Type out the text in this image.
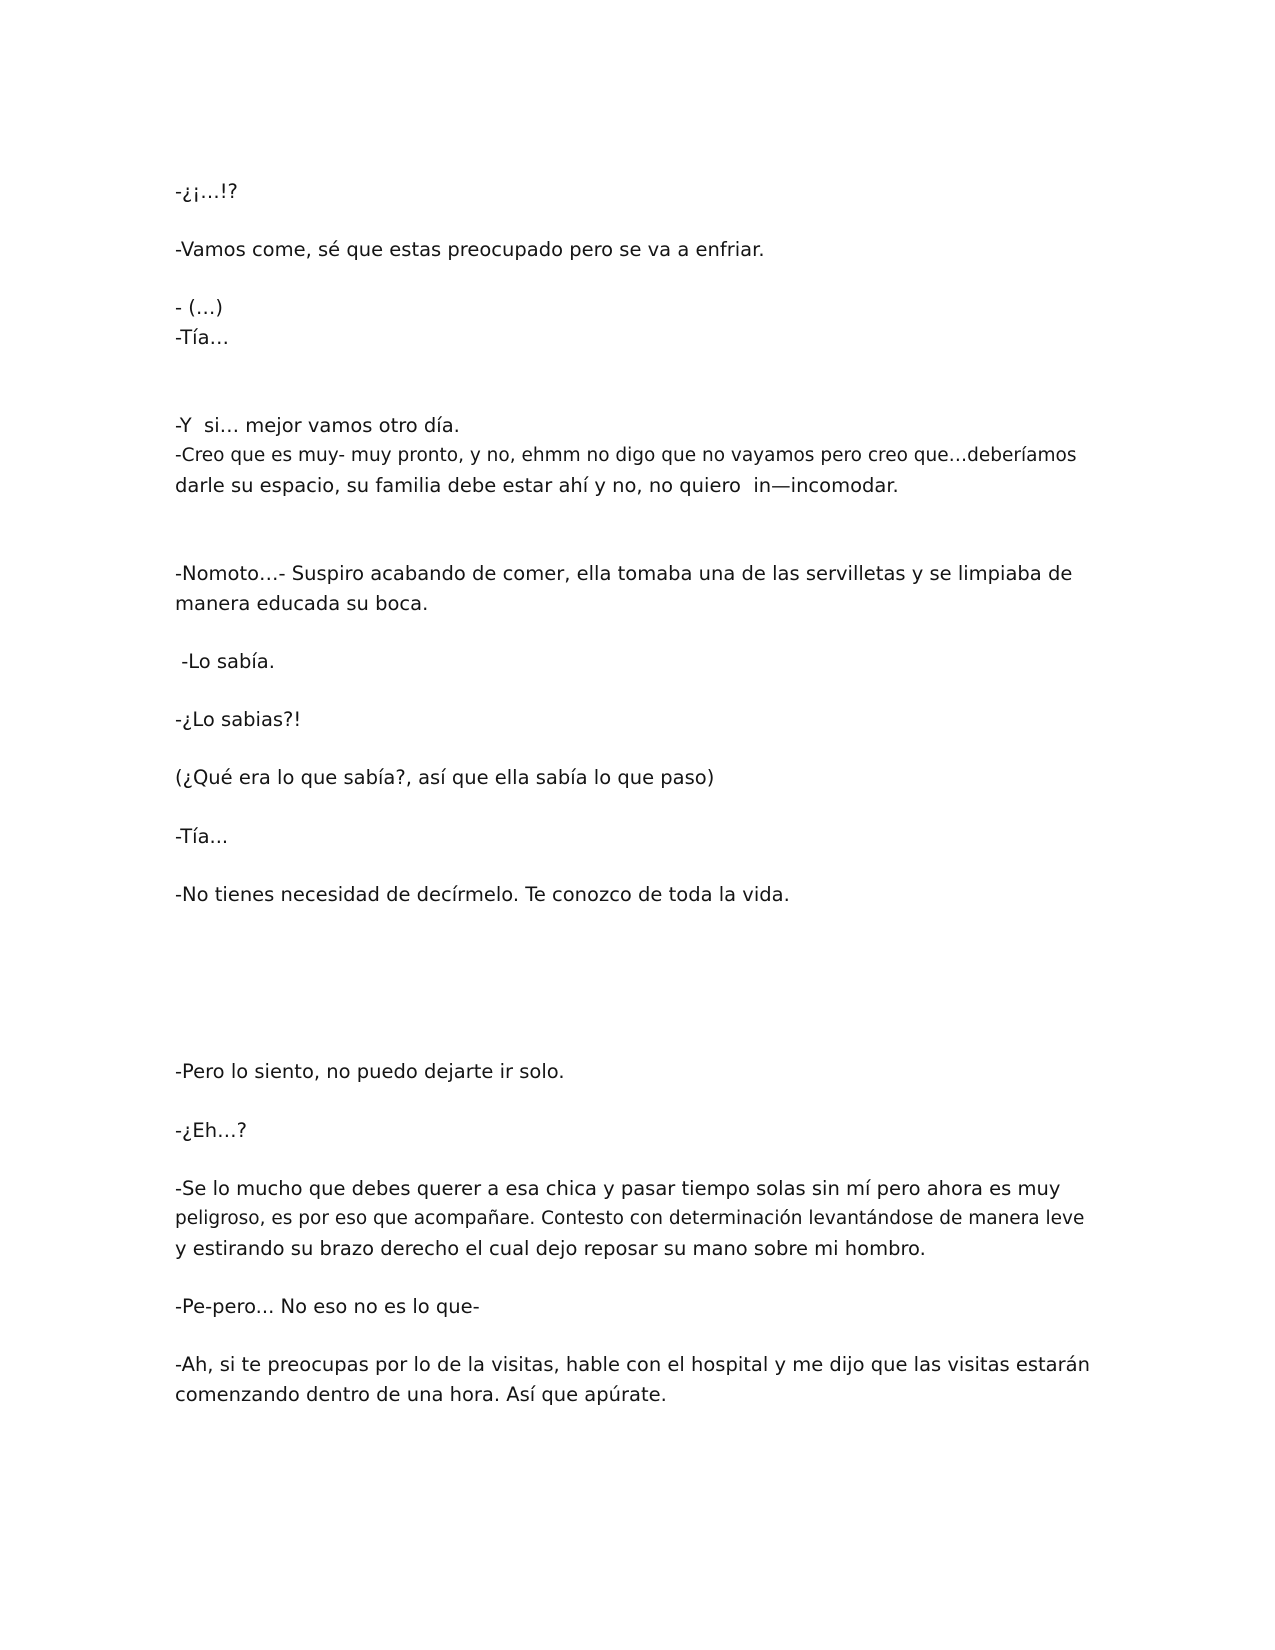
-¿¡…!?

-Vamos come, sé que estas preocupado pero se va a enfriar.

- (…)

-Tía…

-Y  si… mejor vamos otro día.

-Creo que es muy- muy pronto, y no, ehmm no digo que no vayamos pero creo que…deberíamos

darle su espacio, su familia debe estar ahí y no, no quiero  in—incomodar.

-Nomoto…- Suspiro acabando de comer, ella tomaba una de las servilletas y se limpiaba de

manera educada su boca.

-Lo sabía.

-¿Lo sabias?!

(¿Qué era lo que sabía?, así que ella sabía lo que paso)

-Tía...

-No tienes necesidad de decírmelo. Te conozco de toda la vida.

-Pero lo siento, no puedo dejarte ir solo.

-¿Eh…?

-Se lo mucho que debes querer a esa chica y pasar tiempo solas sin mí pero ahora es muy

peligroso, es por eso que acompañare. Contesto con determinación levantándose de manera leve

y estirando su brazo derecho el cual dejo reposar su mano sobre mi hombro.

-Pe-pero... No eso no es lo que-

-Ah, si te preocupas por lo de la visitas, hable con el hospital y me dijo que las visitas estarán

comenzando dentro de una hora. Así que apúrate.
